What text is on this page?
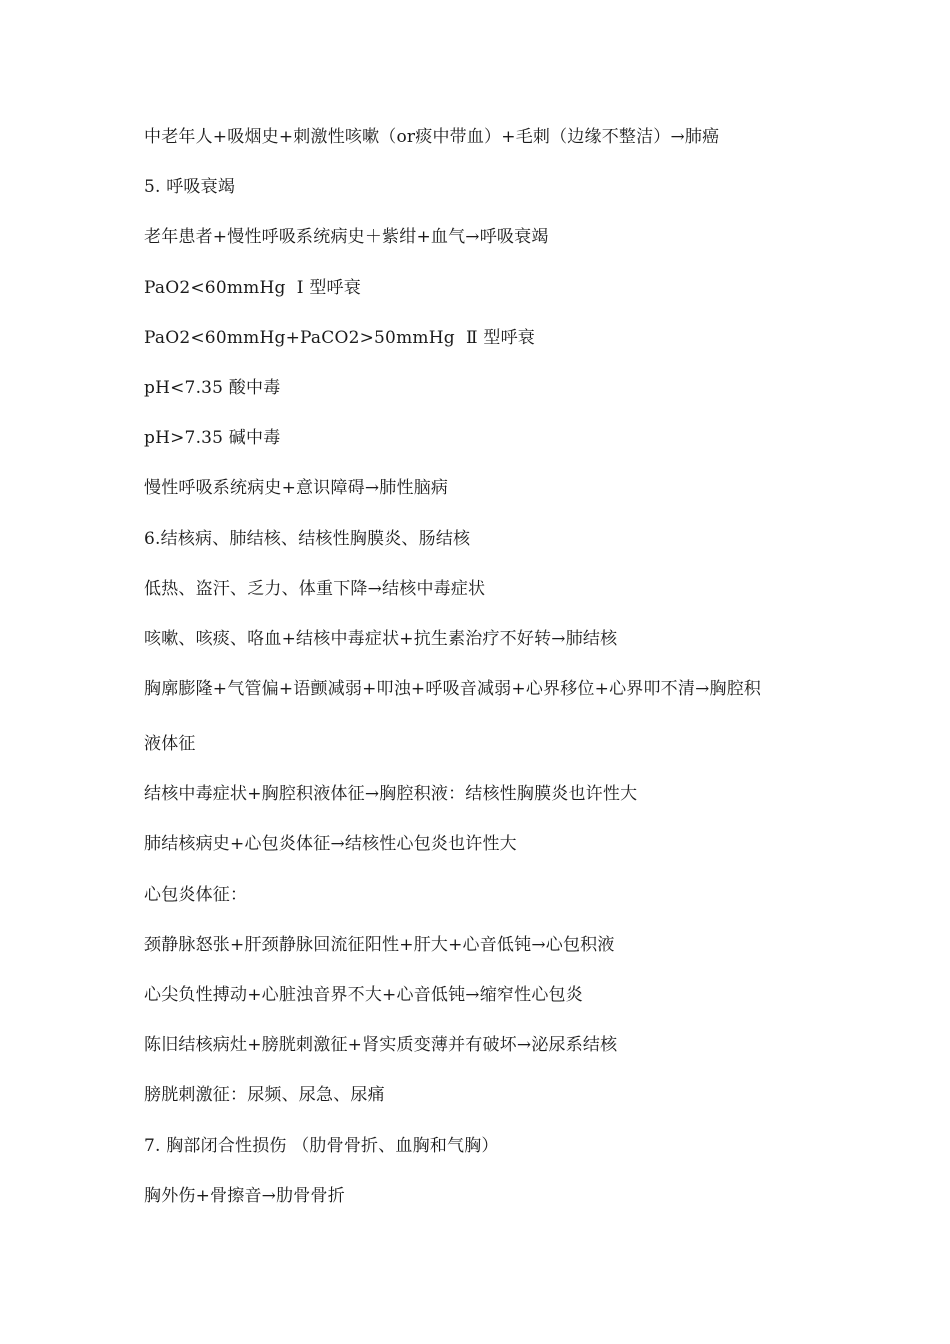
中老年人+吸烟史+刺激性咳嗽（or痰中带血）+毛刺（边缘不整洁）→肺癌
5. 呼吸衰竭
老年患者+慢性呼吸系统病史＋紫绀+血气→呼吸衰竭
PaO2<60mmHg  Ⅰ 型呼衰
PaO2<60mmHg+PaCO2>50mmHg  Ⅱ 型呼衰
pH<7.35 酸中毒
pH>7.35 碱中毒
慢性呼吸系统病史+意识障碍→肺性脑病
6.结核病、肺结核、结核性胸膜炎、肠结核
低热、盗汗、乏力、体重下降→结核中毒症状
咳嗽、咳痰、咯血+结核中毒症状+抗生素治疗不好转→肺结核
胸廓膨隆+气管偏+语颤减弱+叩浊+呼吸音减弱+心界移位+心界叩不清→胸腔积
液体征
结核中毒症状+胸腔积液体征→胸腔积液：结核性胸膜炎也许性大
肺结核病史+心包炎体征→结核性心包炎也许性大
心包炎体征：
颈静脉怒张+肝颈静脉回流征阳性+肝大+心音低钝→心包积液
心尖负性搏动+心脏浊音界不大+心音低钝→缩窄性心包炎
陈旧结核病灶+膀胱刺激征+肾实质变薄并有破坏→泌尿系结核
膀胱刺激征：尿频、尿急、尿痛
7. 胸部闭合性损伤 （肋骨骨折、血胸和气胸）
胸外伤+骨擦音→肋骨骨折
